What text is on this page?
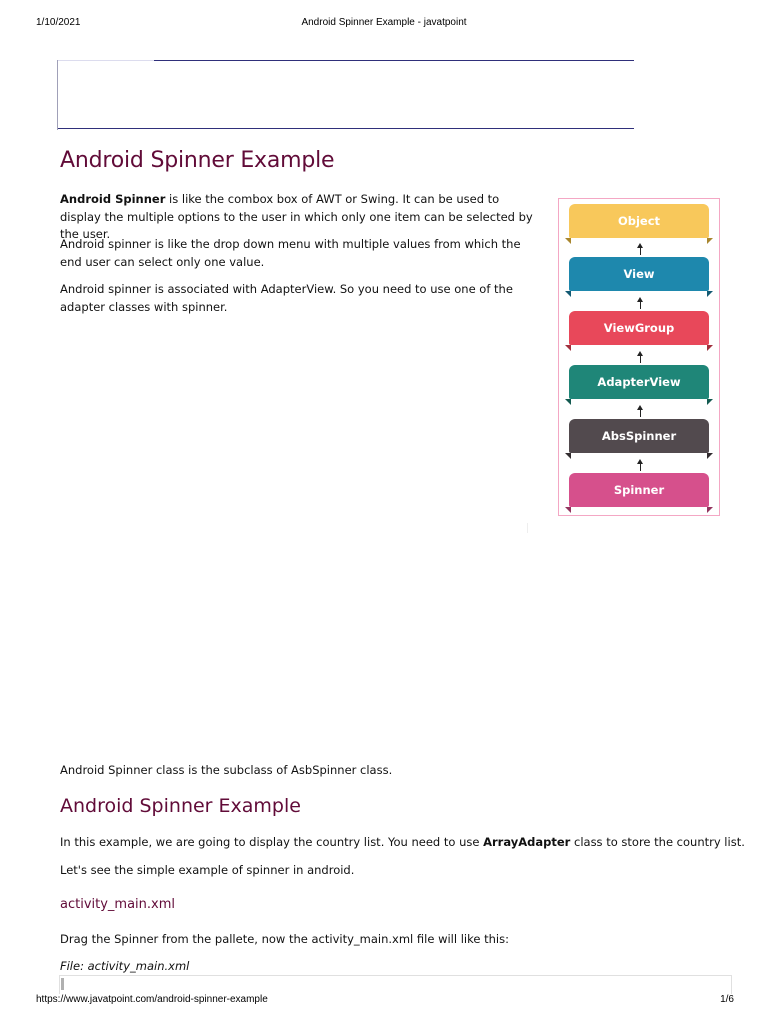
1/10/2021	Android Spinner Example - javatpoint
Android Spinner Example

Android Spinner is like the combox box of AWT or Swing. It can be used to display the multiple options to the user in which only one item can be selected by the user.

Android spinner is like the drop down menu with multiple values from which the end user can select only one value.

Android spinner is associated with AdapterView. So you need to use one of the adapter classes with spinner.

Object
View
ViewGroup
AdapterView
AbsSpinner
Spinner

Android Spinner class is the subclass of AsbSpinner class.

Android Spinner Example

In this example, we are going to display the country list. You need to use ArrayAdapter class to store the country list.

Let's see the simple example of spinner in android.

activity_main.xml

Drag the Spinner from the pallete, now the activity_main.xml file will like this:

File: activity_main.xml

https://www.javatpoint.com/android-spinner-example	1/6
